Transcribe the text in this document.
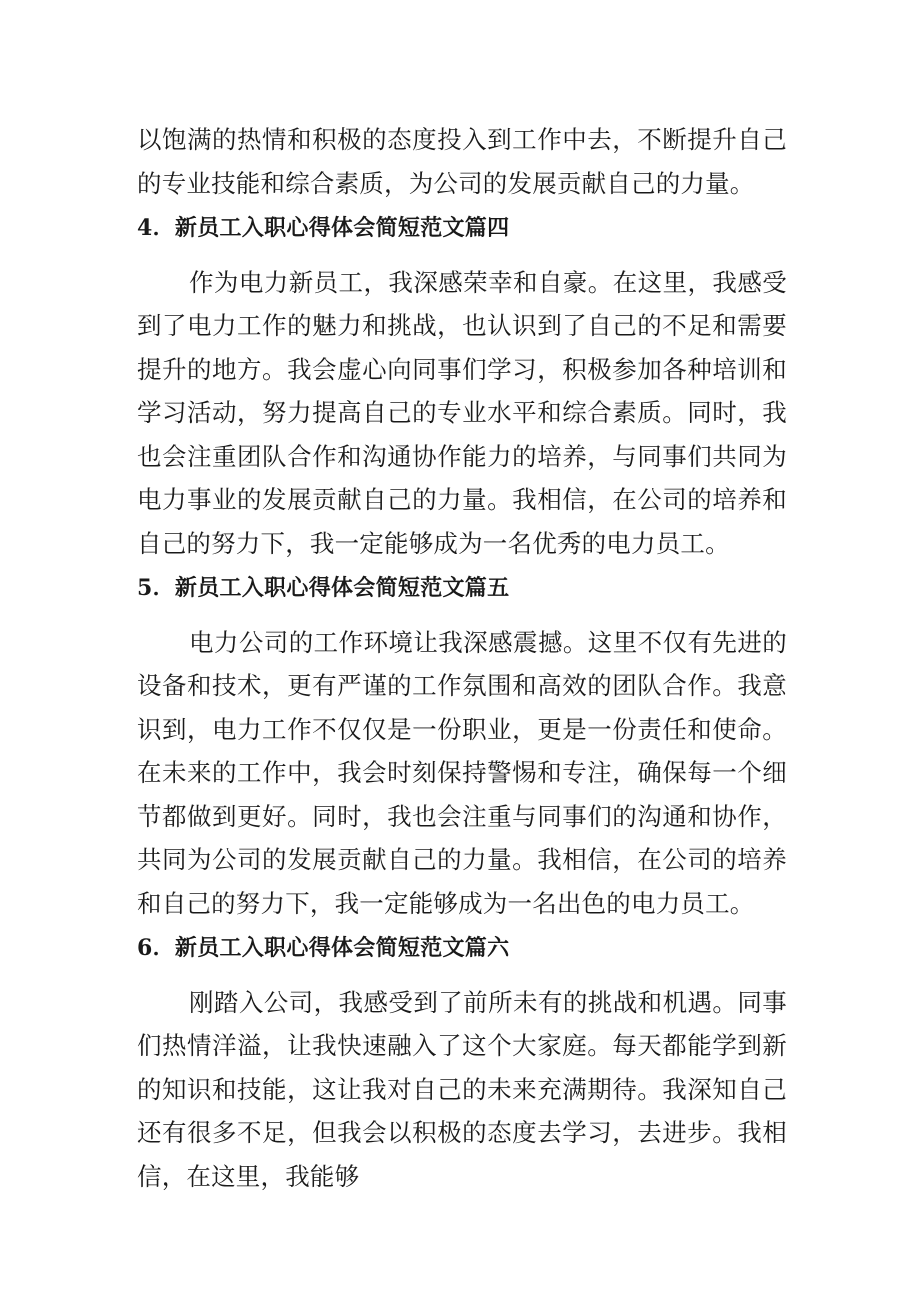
以饱满的热情和积极的态度投入到工作中去，不断提升自己的专业技能和综合素质，为公司的发展贡献自己的力量。

4．新员工入职心得体会简短范文篇四

作为电力新员工，我深感荣幸和自豪。在这里，我感受到了电力工作的魅力和挑战，也认识到了自己的不足和需要提升的地方。我会虚心向同事们学习，积极参加各种培训和学习活动，努力提高自己的专业水平和综合素质。同时，我也会注重团队合作和沟通协作能力的培养，与同事们共同为电力事业的发展贡献自己的力量。我相信，在公司的培养和自己的努力下，我一定能够成为一名优秀的电力员工。

5．新员工入职心得体会简短范文篇五

电力公司的工作环境让我深感震撼。这里不仅有先进的设备和技术，更有严谨的工作氛围和高效的团队合作。我意识到，电力工作不仅仅是一份职业，更是一份责任和使命。在未来的工作中，我会时刻保持警惕和专注，确保每一个细节都做到更好。同时，我也会注重与同事们的沟通和协作，共同为公司的发展贡献自己的力量。我相信，在公司的培养和自己的努力下，我一定能够成为一名出色的电力员工。

6．新员工入职心得体会简短范文篇六

刚踏入公司，我感受到了前所未有的挑战和机遇。同事们热情洋溢，让我快速融入了这个大家庭。每天都能学到新的知识和技能，这让我对自己的未来充满期待。我深知自己还有很多不足，但我会以积极的态度去学习，去进步。我相信，在这里，我能够
